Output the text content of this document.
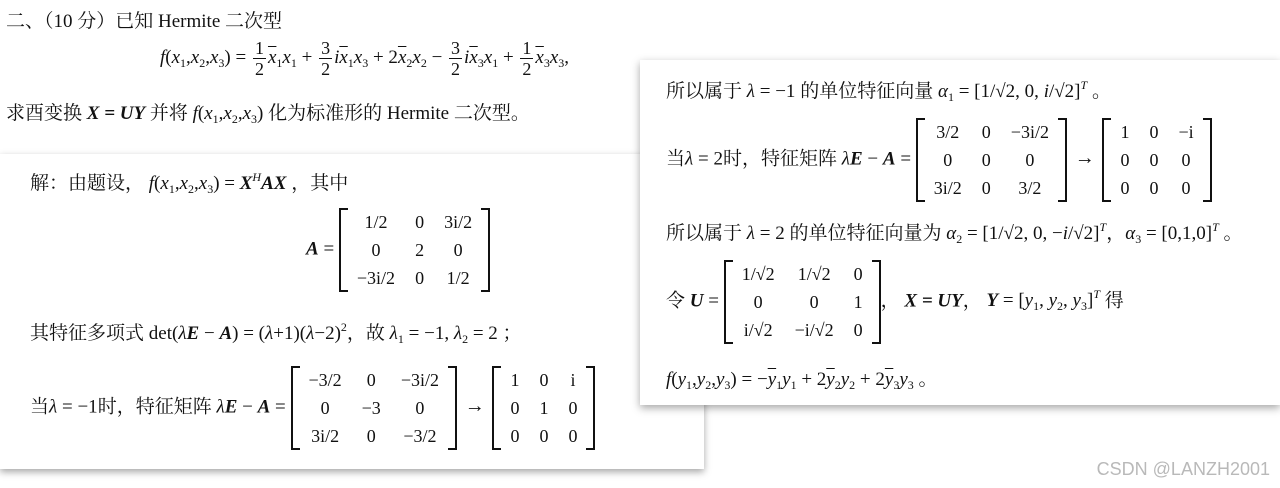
二、（10 分）已知 Hermite 二次型
$f(x_1,x_2,x_3) = \frac{1}{2} \overline{x}_1x_1 + \frac{3}{2} i\overline{x}_1x_3 + 2\overline{x}_2x_2 - \frac{3}{2} i\overline{x}_3x_1 + \frac{1}{2} \overline{x}_3x_3$,
求酉变换 X = UY 并将 $f(x_1,x_2,x_3)$ 化为标准形的 Hermite 二次型。
解：由题设， $f(x_1,x_2,x_3) = X^HAX$ ，其中
A =
1/2	0	3i/2
0	2	0
−3i/2	0	1/2
其特征多项式 $\det(\lambda E - A) = (\lambda+1)(\lambda-2)^2$，故 $\lambda_1 = -1$, $\lambda_2 = 2$ ；
当λ = −1时，特征矩阵 λE − A =
−3/2	0	−3i/2
0	−3	0
3i/2	0	−3/2
→
1	0	i
0	1	0
0	0	0
所以属于 λ = −1 的单位特征向量 $\alpha_1 = [1/√2$, 0, i/√2]$^T$ 。
当λ = 2时，特征矩阵 λE − A =
3/2	0	−3i/2
0	0	0
3i/2	0	3/2
→
1	0	−i
0	0	0
0	0	0
所以属于 λ = 2 的单位特征向量为 $\alpha_2 = [1/√2$, 0, −i/√2]$^T$，$\alpha_3 = [0,1,0]^T$ 。
令 U =
1/√2	1/√2	0
0	0	1
i/√2	−i/√2	0
， X = UY， $Y = [y_1$, $y_2$, $y_3]^T$ 得
$f(y_1,y_2,y_3) = -\overline{y}_1y_1 + 2\overline{y}_2y_2 + 2\overline{y}_3y_3$ 。
CSDN @LANZH2001
